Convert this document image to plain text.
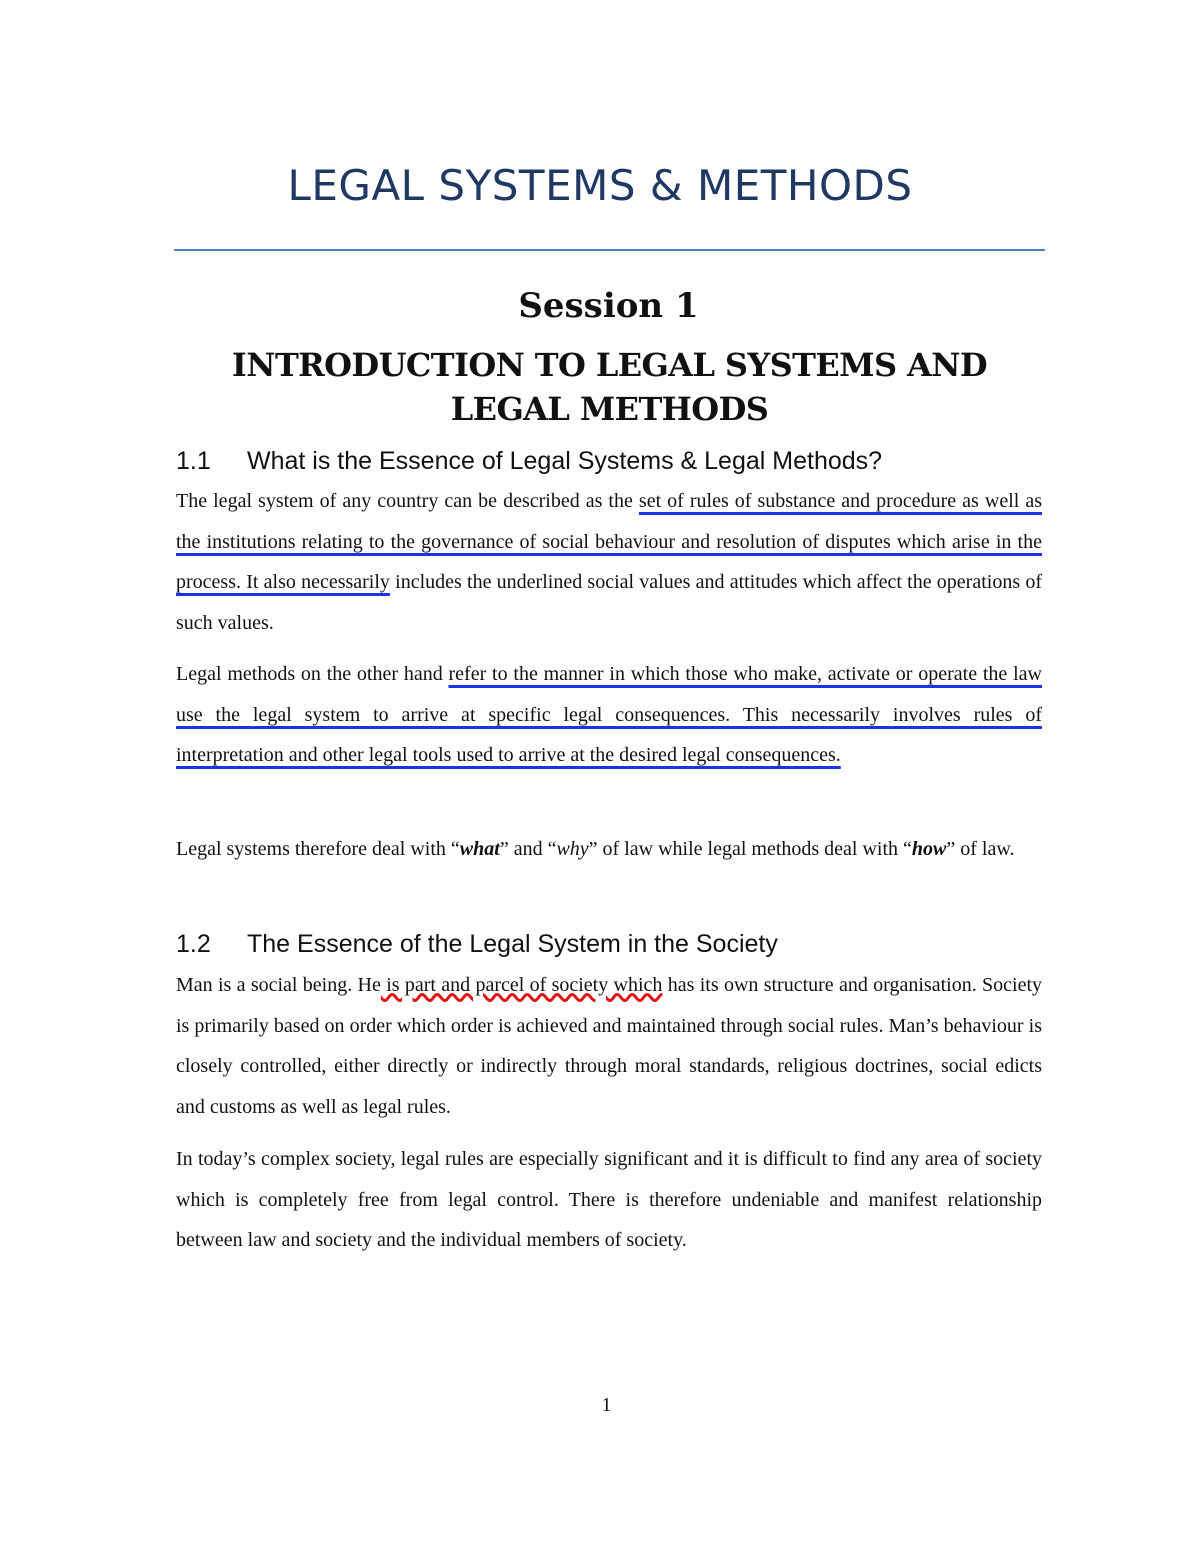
LEGAL SYSTEMS & METHODS
Session 1
INTRODUCTION TO LEGAL SYSTEMS AND LEGAL METHODS
1.1 What is the Essence of Legal Systems & Legal Methods?

The legal system of any country can be described as the set of rules of substance and procedure as well as the institutions relating to the governance of social behaviour and resolution of disputes which arise in the process. It also necessarily includes the underlined social values and attitudes which affect the operations of such values.

Legal methods on the other hand refer to the manner in which those who make, activate or operate the law use the legal system to arrive at specific legal consequences. This necessarily involves rules of interpretation and other legal tools used to arrive at the desired legal consequences.

Legal systems therefore deal with “what” and “why” of law while legal methods deal with “how” of law.

1.2 The Essence of the Legal System in the Society

Man is a social being. He is part and parcel of society which has its own structure and organisation. Society is primarily based on order which order is achieved and maintained through social rules. Man’s behaviour is closely controlled, either directly or indirectly through moral standards, religious doctrines, social edicts and customs as well as legal rules.

In today’s complex society, legal rules are especially significant and it is difficult to find any area of society which is completely free from legal control. There is therefore undeniable and manifest relationship between law and society and the individual members of society.

1
